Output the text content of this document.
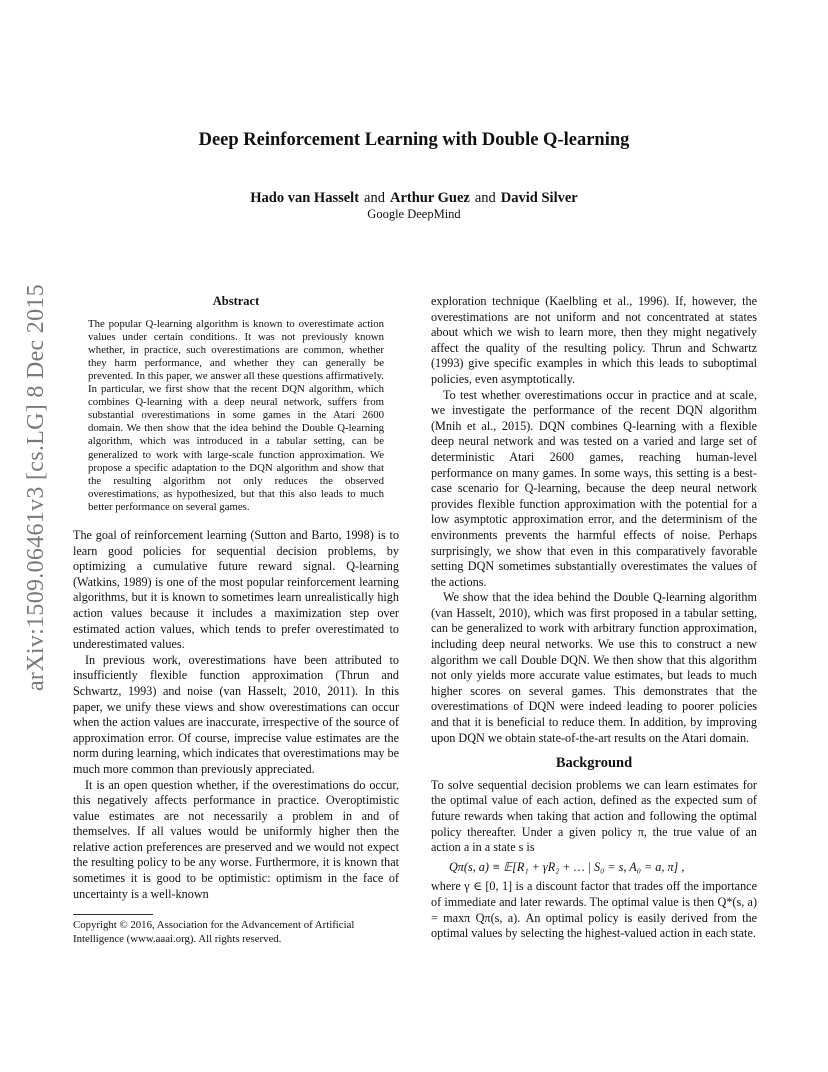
arXiv:1509.06461v3 [cs.LG] 8 Dec 2015
Deep Reinforcement Learning with Double Q-learning
Hado van Hasselt and Arthur Guez and David Silver
Google DeepMind
Abstract

The popular Q-learning algorithm is known to overestimate action values under certain conditions. It was not previously known whether, in practice, such overestimations are common, whether they harm performance, and whether they can generally be prevented. In this paper, we answer all these questions affirmatively. In particular, we first show that the recent DQN algorithm, which combines Q-learning with a deep neural network, suffers from substantial overestimations in some games in the Atari 2600 domain. We then show that the idea behind the Double Q-learning algorithm, which was introduced in a tabular setting, can be generalized to work with large-scale function approximation. We propose a specific adaptation to the DQN algorithm and show that the resulting algorithm not only reduces the observed overestimations, as hypothesized, but that this also leads to much better performance on several games.

The goal of reinforcement learning (Sutton and Barto, 1998) is to learn good policies for sequential decision problems, by optimizing a cumulative future reward signal. Q-learning (Watkins, 1989) is one of the most popular reinforcement learning algorithms, but it is known to sometimes learn unrealistically high action values because it includes a maximization step over estimated action values, which tends to prefer overestimated to underestimated values.

In previous work, overestimations have been attributed to insufficiently flexible function approximation (Thrun and Schwartz, 1993) and noise (van Hasselt, 2010, 2011). In this paper, we unify these views and show overestimations can occur when the action values are inaccurate, irrespective of the source of approximation error. Of course, imprecise value estimates are the norm during learning, which indicates that overestimations may be much more common than previously appreciated.

It is an open question whether, if the overestimations do occur, this negatively affects performance in practice. Overoptimistic value estimates are not necessarily a problem in and of themselves. If all values would be uniformly higher then the relative action preferences are preserved and we would not expect the resulting policy to be any worse. Furthermore, it is known that sometimes it is good to be optimistic: optimism in the face of uncertainty is a well-known

Copyright © 2016, Association for the Advancement of Artificial Intelligence (www.aaai.org). All rights reserved.

exploration technique (Kaelbling et al., 1996). If, however, the overestimations are not uniform and not concentrated at states about which we wish to learn more, then they might negatively affect the quality of the resulting policy. Thrun and Schwartz (1993) give specific examples in which this leads to suboptimal policies, even asymptotically.

To test whether overestimations occur in practice and at scale, we investigate the performance of the recent DQN algorithm (Mnih et al., 2015). DQN combines Q-learning with a flexible deep neural network and was tested on a varied and large set of deterministic Atari 2600 games, reaching human-level performance on many games. In some ways, this setting is a best-case scenario for Q-learning, because the deep neural network provides flexible function approximation with the potential for a low asymptotic approximation error, and the determinism of the environments prevents the harmful effects of noise. Perhaps surprisingly, we show that even in this comparatively favorable setting DQN sometimes substantially overestimates the values of the actions.

We show that the idea behind the Double Q-learning algorithm (van Hasselt, 2010), which was first proposed in a tabular setting, can be generalized to work with arbitrary function approximation, including deep neural networks. We use this to construct a new algorithm we call Double DQN. We then show that this algorithm not only yields more accurate value estimates, but leads to much higher scores on several games. This demonstrates that the overestimations of DQN were indeed leading to poorer policies and that it is beneficial to reduce them. In addition, by improving upon DQN we obtain state-of-the-art results on the Atari domain.

Background

To solve sequential decision problems we can learn estimates for the optimal value of each action, defined as the expected sum of future rewards when taking that action and following the optimal policy thereafter. Under a given policy π, the true value of an action a in a state s is

Qπ(s, a) ≡ 𝔼[R₁ + γR₂ + … | S₀ = s, A₀ = a, π] ,

where γ ∈ [0, 1] is a discount factor that trades off the importance of immediate and later rewards. The optimal value is then Q*(s, a) = maxπ Qπ(s, a). An optimal policy is easily derived from the optimal values by selecting the highest-valued action in each state.
